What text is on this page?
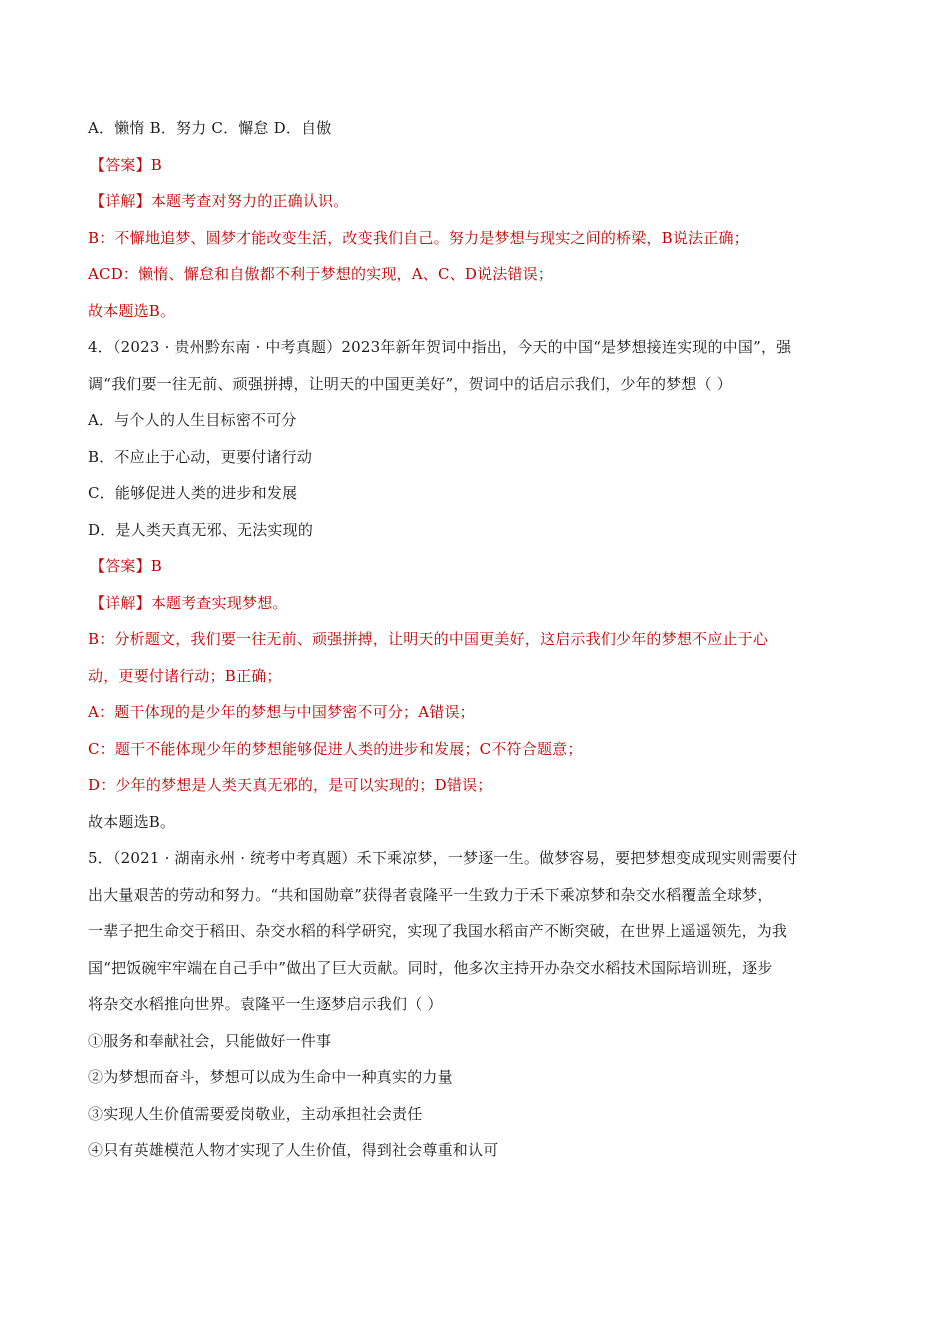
A．懒惰 B．努力 C．懈怠 D．自傲
【答案】B
【详解】本题考查对努力的正确认识。
B：不懈地追梦、圆梦才能改变生活，改变我们自己。努力是梦想与现实之间的桥梁，B说法正确；
ACD：懒惰、懈怠和自傲都不利于梦想的实现，A、C、D说法错误；
故本题选B。
4．（2023 · 贵州黔东南 · 中考真题）2023年新年贺词中指出，今天的中国“是梦想接连实现的中国”，强
调“我们要一往无前、顽强拼搏，让明天的中国更美好”，贺词中的话启示我们，少年的梦想（ ）
A．与个人的人生目标密不可分
B．不应止于心动，更要付诸行动
C．能够促进人类的进步和发展
D．是人类天真无邪、无法实现的
【答案】B
【详解】本题考查实现梦想。
B：分析题文，我们要一往无前、顽强拼搏，让明天的中国更美好，这启示我们少年的梦想不应止于心
动，更要付诸行动；B正确；
A：题干体现的是少年的梦想与中国梦密不可分；A错误；
C：题干不能体现少年的梦想能够促进人类的进步和发展；C不符合题意；
D：少年的梦想是人类天真无邪的，是可以实现的；D错误；
故本题选B。
5．（2021 · 湖南永州 · 统考中考真题）禾下乘凉梦，一梦逐一生。做梦容易，要把梦想变成现实则需要付
出大量艰苦的劳动和努力。“共和国勋章”获得者袁隆平一生致力于禾下乘凉梦和杂交水稻覆盖全球梦，
一辈子把生命交于稻田、杂交水稻的科学研究，实现了我国水稻亩产不断突破，在世界上遥遥领先，为我
国“把饭碗牢牢端在自己手中”做出了巨大贡献。同时，他多次主持开办杂交水稻技术国际培训班，逐步
将杂交水稻推向世界。袁隆平一生逐梦启示我们（ ）
①服务和奉献社会，只能做好一件事
②为梦想而奋斗，梦想可以成为生命中一种真实的力量
③实现人生价值需要爱岗敬业，主动承担社会责任
④只有英雄模范人物才实现了人生价值，得到社会尊重和认可
